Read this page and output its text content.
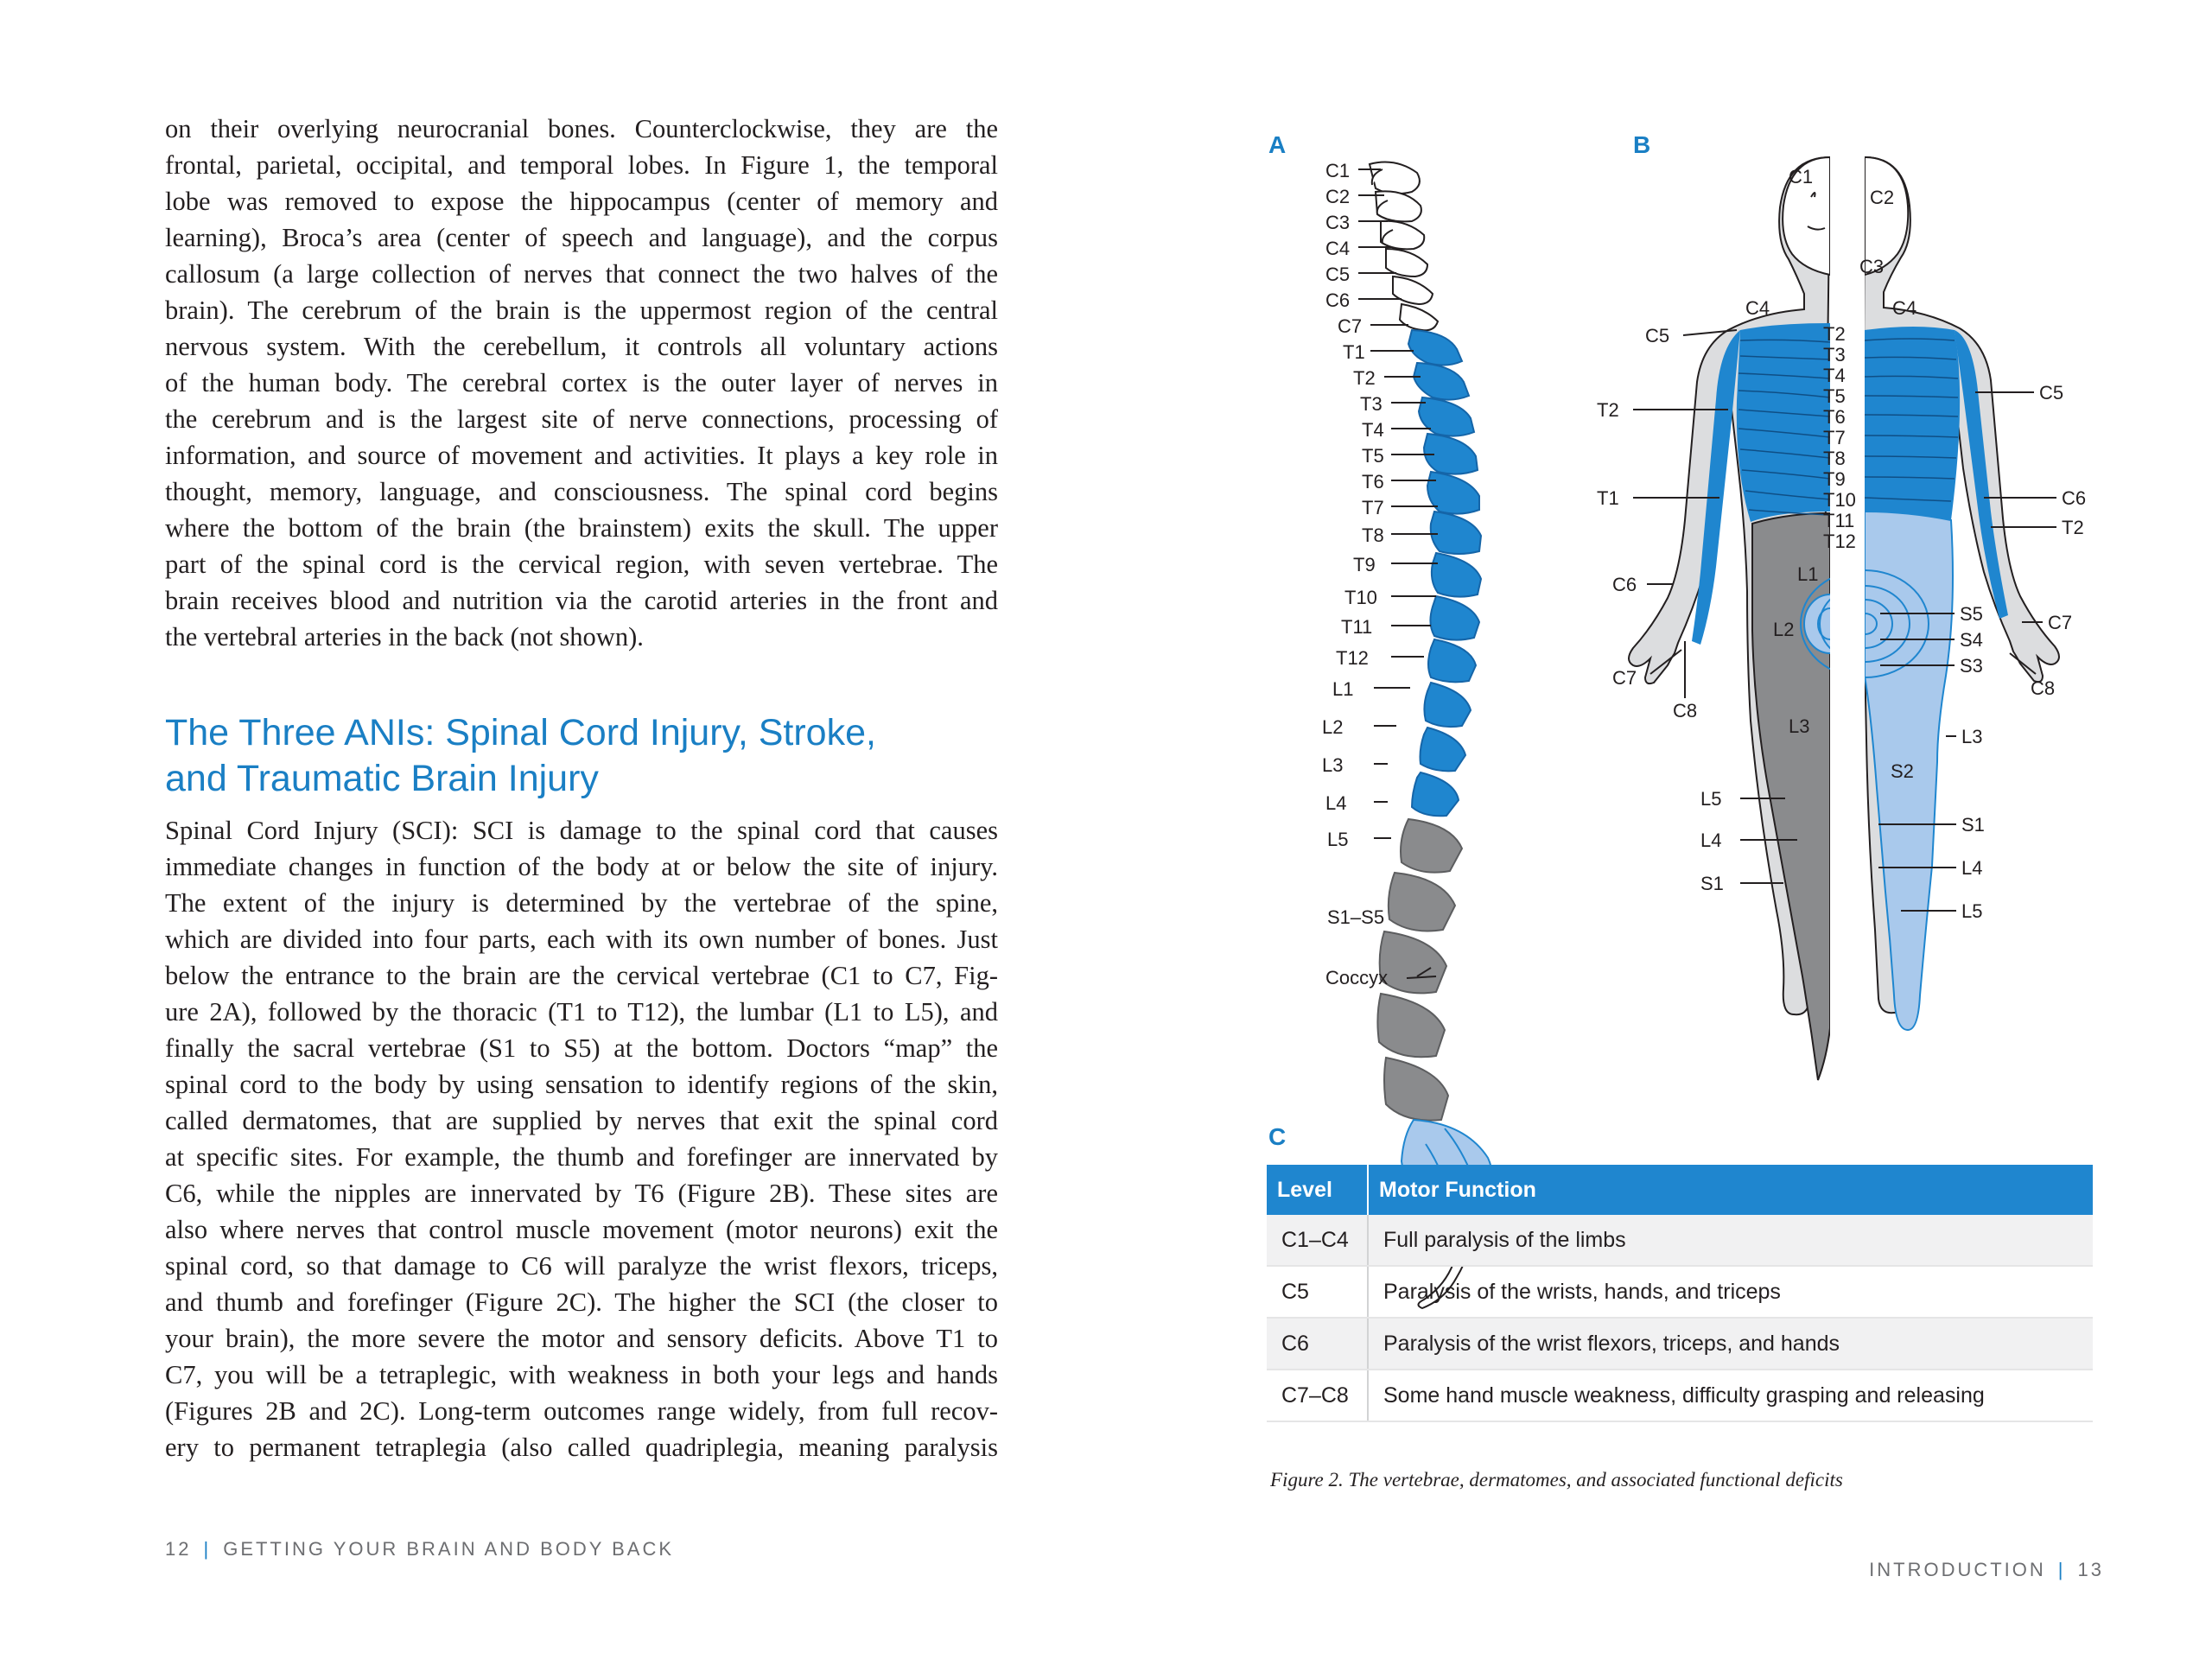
on their overlying neurocranial bones. Counterclockwise, they are the
frontal, parietal, occipital, and temporal lobes. In Figure 1, the temporal
lobe was removed to expose the hippocampus (center of memory and
learning), Broca’s area (center of speech and language), and the corpus
callosum (a large collection of nerves that connect the two halves of the
brain). The cerebrum of the brain is the uppermost region of the central
nervous system. With the cerebellum, it controls all voluntary actions
of the human body. The cerebral cortex is the outer layer of nerves in
the cerebrum and is the largest site of nerve connections, processing of
information, and source of movement and activities. It plays a key role in
thought, memory, language, and consciousness. The spinal cord begins
where the bottom of the brain (the brainstem) exits the skull. The upper
part of the spinal cord is the cervical region, with seven vertebrae. The
brain receives blood and nutrition via the carotid arteries in the front and
the vertebral arteries in the back (not shown).
The Three ANIs: Spinal Cord Injury, Stroke,
and Traumatic Brain Injury
Spinal Cord Injury (SCI): SCI is damage to the spinal cord that causes
immediate changes in function of the body at or below the site of injury.
The extent of the injury is determined by the vertebrae of the spine,
which are divided into four parts, each with its own number of bones. Just
below the entrance to the brain are the cervical vertebrae (C1 to C7, Fig-
ure 2A), followed by the thoracic (T1 to T12), the lumbar (L1 to L5), and
finally the sacral vertebrae (S1 to S5) at the bottom. Doctors “map” the
spinal cord to the body by using sensation to identify regions of the skin,
called dermatomes, that are supplied by nerves that exit the spinal cord
at specific sites. For example, the thumb and forefinger are innervated by
C6, while the nipples are innervated by T6 (Figure 2B). These sites are
also where nerves that control muscle movement (motor neurons) exit the
spinal cord, so that damage to C6 will paralyze the wrist flexors, triceps,
and thumb and forefinger (Figure 2C). The higher the SCI (the closer to
your brain), the more severe the motor and sensory deficits. Above T1 to
C7, you will be a tetraplegic, with weakness in both your legs and hands
(Figures 2B and 2C). Long-term outcomes range widely, from full recov-
ery to permanent tetraplegia (also called quadriplegia, meaning paralysis
12 | GETTING YOUR BRAIN AND BODY BACK
A	B
C
C1
C2
C3
C4
C5
C6
C7
T1
T2
T3
T4
T5
T6
T7
T8
T9
T10
T11
T12
L1
L2
L3
L4
L5
S1–S5
Coccyx
C1
C2
C3
C4	C4
C5
C5
T2
T1
C6
C7
C8
C6
T2
C7
C8
L1
L2
L3	L3
S2
S5
S4
S3
L5
L4
S1
S1
L4
L5
T2
T3
T4
T5
T6
T7
T8
T9
T10
T11
T12
Level	Motor Function
C1–C4	Full paralysis of the limbs
C5	Paralysis of the wrists, hands, and triceps
C6	Paralysis of the wrist flexors, triceps, and hands
C7–C8	Some hand muscle weakness, difficulty grasping and releasing
Figure 2. The vertebrae, dermatomes, and associated functional deficits
INTRODUCTION | 13
